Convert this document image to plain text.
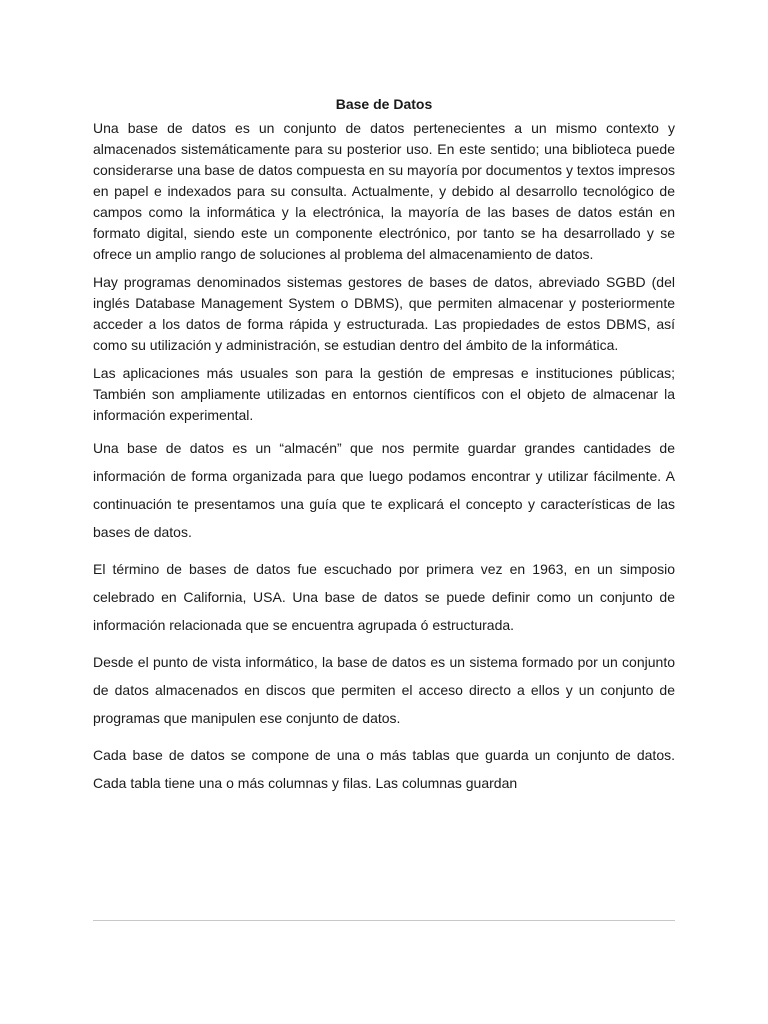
Base de Datos

Una base de datos es un conjunto de datos pertenecientes a un mismo contexto y almacenados sistemáticamente para su posterior uso. En este sentido; una biblioteca puede considerarse una base de datos compuesta en su mayoría por documentos y textos impresos en papel e indexados para su consulta. Actualmente, y debido al desarrollo tecnológico de campos como la informática y la electrónica, la mayoría de las bases de datos están en formato digital, siendo este un componente electrónico, por tanto se ha desarrollado y se ofrece un amplio rango de soluciones al problema del almacenamiento de datos.

Hay programas denominados sistemas gestores de bases de datos, abreviado SGBD (del inglés Database Management System o DBMS), que permiten almacenar y posteriormente acceder a los datos de forma rápida y estructurada. Las propiedades de estos DBMS, así como su utilización y administración, se estudian dentro del ámbito de la informática.

Las aplicaciones más usuales son para la gestión de empresas e instituciones públicas; También son ampliamente utilizadas en entornos científicos con el objeto de almacenar la información experimental.

Una base de datos es un “almacén” que nos permite guardar grandes cantidades de información de forma organizada para que luego podamos encontrar y utilizar fácilmente. A continuación te presentamos una guía que te explicará el concepto y características de las bases de datos.

El término de bases de datos fue escuchado por primera vez en 1963, en un simposio celebrado en California, USA. Una base de datos se puede definir como un conjunto de información relacionada que se encuentra agrupada ó estructurada.

Desde el punto de vista informático, la base de datos es un sistema formado por un conjunto de datos almacenados en discos que permiten el acceso directo a ellos y un conjunto de programas que manipulen ese conjunto de datos.

Cada base de datos se compone de una o más tablas que guarda un conjunto de datos. Cada tabla tiene una o más columnas y filas. Las columnas guardan
